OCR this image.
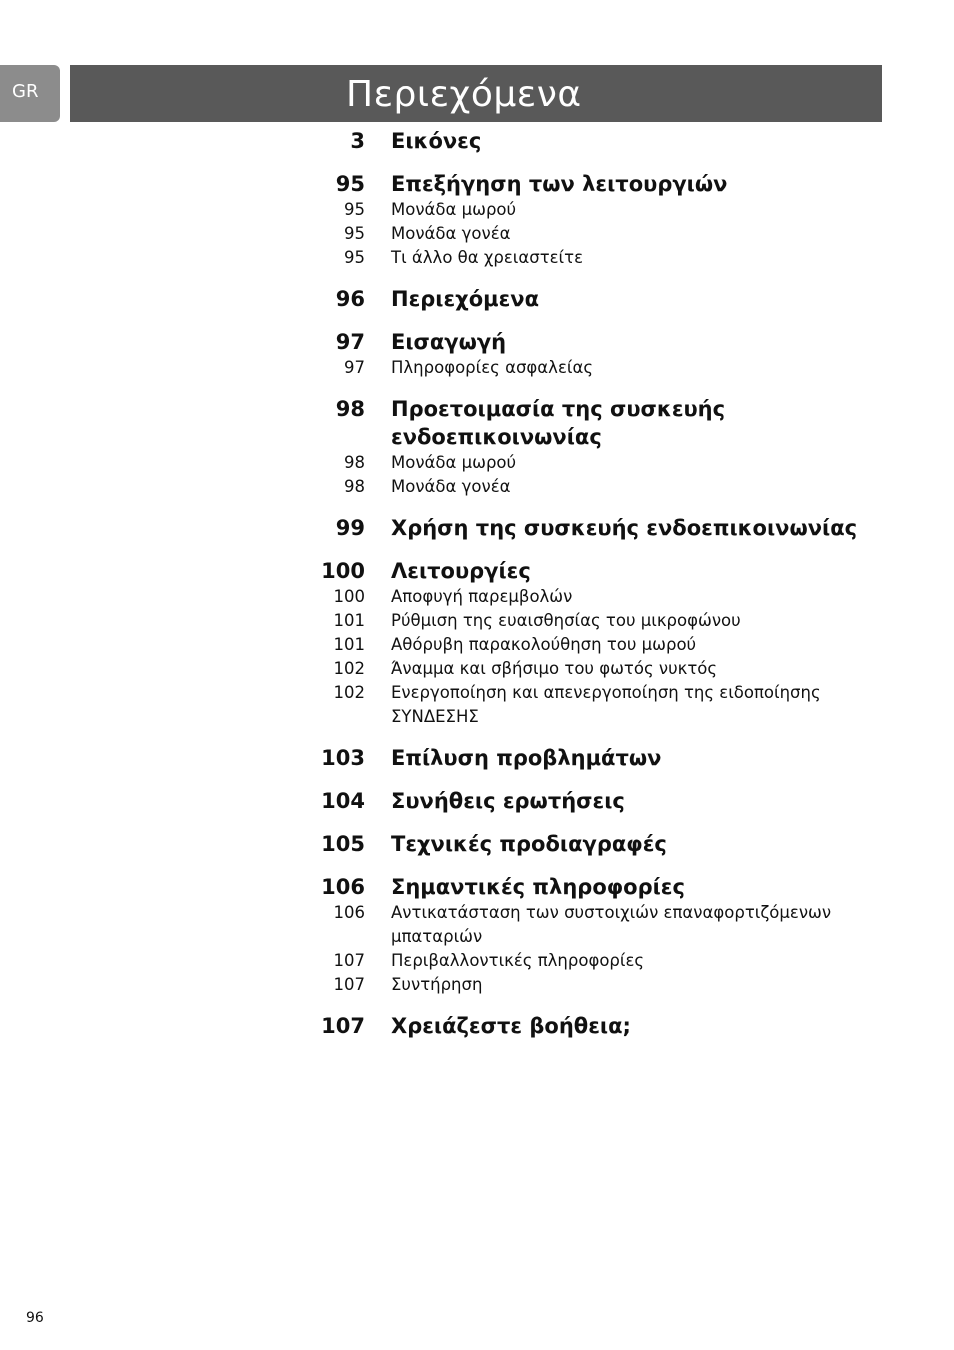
GR	Περιεχόμενα
3 Εικόνες
95 Επεξήγηση των λειτουργιών
95 Μονάδα μωρού
95 Μονάδα γονέα
95 Τι άλλο θα χρειαστείτε
96 Περιεχόμενα
97 Εισαγωγή
97 Πληροφορίες ασφαλείας
98 Προετοιμασία της συσκευής ενδοεπικοινωνίας
98 Μονάδα μωρού
98 Μονάδα γονέα
99 Χρήση της συσκευής ενδοεπικοινωνίας
100 Λειτουργίες
100 Αποφυγή παρεμβολών
101 Ρύθμιση της ευαισθησίας του μικροφώνου
101 Αθόρυβη παρακολούθηση του μωρού
102 Άναμμα και σβήσιμο του φωτός νυκτός
102 Ενεργοποίηση και απενεργοποίηση της ειδοποίησης ΣΥΝΔΕΣΗΣ
103 Επίλυση προβλημάτων
104 Συνήθεις ερωτήσεις
105 Τεχνικές προδιαγραφές
106 Σημαντικές πληροφορίες
106 Αντικατάσταση των συστοιχιών επαναφορτιζόμενων μπαταριών
107 Περιβαλλοντικές πληροφορίες
107 Συντήρηση
107 Χρειάζεστε βοήθεια;
96
